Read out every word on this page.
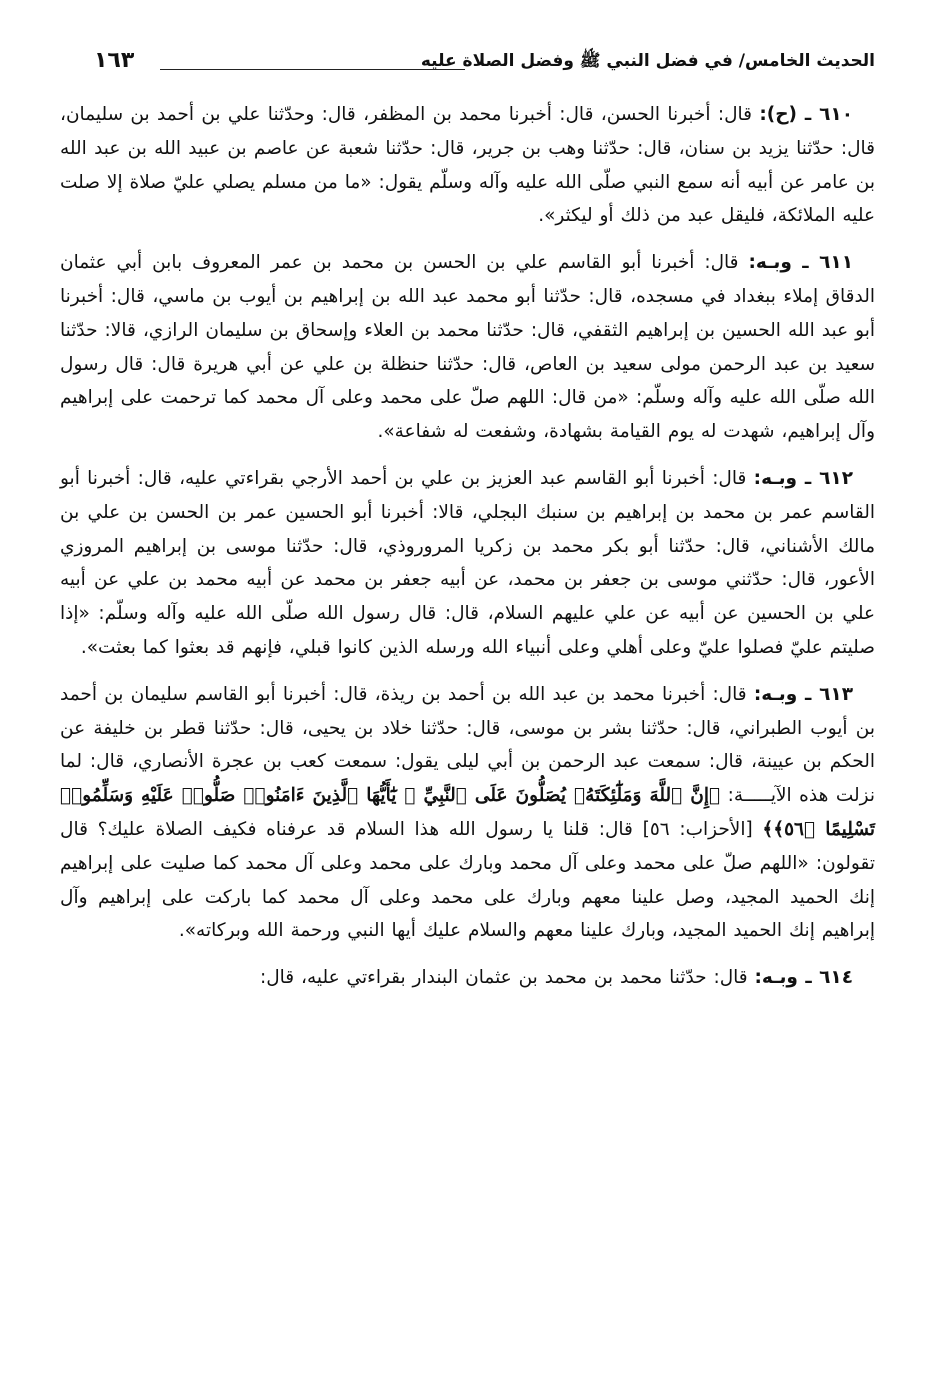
الحديث الخامس/ في فضل النبي ﷺ وفضل الصلاة عليه
١٦٣

٦١٠ ـ (ح): قال: أخبرنا الحسن، قال: أخبرنا محمد بن المظفر، قال: وحدّثنا علي بن أحمد بن سليمان، قال: حدّثنا يزيد بن سنان، قال: حدّثنا وهب بن جرير، قال: حدّثنا شعبة عن عاصم بن عبيد الله بن عبد الله بن عامر عن أبيه أنه سمع النبي صلّى الله عليه وآله وسلّم يقول: «ما من مسلم يصلي عليّ صلاة إلا صلت عليه الملائكة، فليقل عبد من ذلك أو ليكثر».

٦١١ ـ وبـه: قال: أخبرنا أبو القاسم علي بن الحسن بن محمد بن عمر المعروف بابن أبي عثمان الدقاق إملاء ببغداد في مسجده، قال: حدّثنا أبو محمد عبد الله بن إبراهيم بن أيوب بن ماسي، قال: أخبرنا أبو عبد الله الحسين بن إبراهيم الثقفي، قال: حدّثنا محمد بن العلاء وإسحاق بن سليمان الرازي، قالا: حدّثنا سعيد بن عبد الرحمن مولى سعيد بن العاص، قال: حدّثنا حنظلة بن علي عن أبي هريرة قال: قال رسول الله صلّى الله عليه وآله وسلّم: «من قال: اللهم صلّ على محمد وعلى آل محمد كما ترحمت على إبراهيم وآل إبراهيم، شهدت له يوم القيامة بشهادة، وشفعت له شفاعة».

٦١٢ ـ وبـه: قال: أخبرنا أبو القاسم عبد العزيز بن علي بن أحمد الأرجي بقراءتي عليه، قال: أخبرنا أبو القاسم عمر بن محمد بن إبراهيم بن سنبك البجلي، قالا: أخبرنا أبو الحسين عمر بن الحسن بن علي بن مالك الأشناني، قال: حدّثنا أبو بكر محمد بن زكريا المروروذي، قال: حدّثنا موسى بن إبراهيم المروزي الأعور، قال: حدّثني موسى بن جعفر بن محمد، عن أبيه جعفر بن محمد عن أبيه محمد بن علي عن أبيه علي بن الحسين عن أبيه عن علي عليهم السلام، قال: قال رسول الله صلّى الله عليه وآله وسلّم: «إذا صليتم عليّ فصلوا عليّ وعلى أهلي وعلى أنبياء الله ورسله الذين كانوا قبلي، فإنهم قد بعثوا كما بعثت».

٦١٣ ـ وبـه: قال: أخبرنا محمد بن عبد الله بن أحمد بن ريذة، قال: أخبرنا أبو القاسم سليمان بن أحمد بن أيوب الطبراني، قال: حدّثنا بشر بن موسى، قال: حدّثنا خلاد بن يحيى، قال: حدّثنا قطر بن خليفة عن الحكم بن عيينة، قال: سمعت عبد الرحمن بن أبي ليلى يقول: سمعت كعب بن عجرة الأنصاري، قال: لما نزلت هذه الآيـــــة: ﴿إِنَّ ٱللَّهَ وَمَلَٰٓئِكَتَهُۥ يُصَلُّونَ عَلَى ٱلنَّبِيِّ ۚ يَٰٓأَيُّهَا ٱلَّذِينَ ءَامَنُوا۟ صَلُّوا۟ عَلَيْهِ وَسَلِّمُوا۟ تَسْلِيمًا ﴿٥٦﴾﴾ [الأحزاب: ٥٦] قال: قلنا يا رسول الله هذا السلام قد عرفناه فكيف الصلاة عليك؟ قال تقولون: «اللهم صلّ على محمد وعلى آل محمد وبارك على محمد وعلى آل محمد كما صليت على إبراهيم إنك الحميد المجيد، وصل علينا معهم وبارك على محمد وعلى آل محمد كما باركت على إبراهيم وآل إبراهيم إنك الحميد المجيد، وبارك علينا معهم والسلام عليك أيها النبي ورحمة الله وبركاته».

٦١٤ ـ وبـه: قال: حدّثنا محمد بن محمد بن عثمان البندار بقراءتي عليه، قال:
